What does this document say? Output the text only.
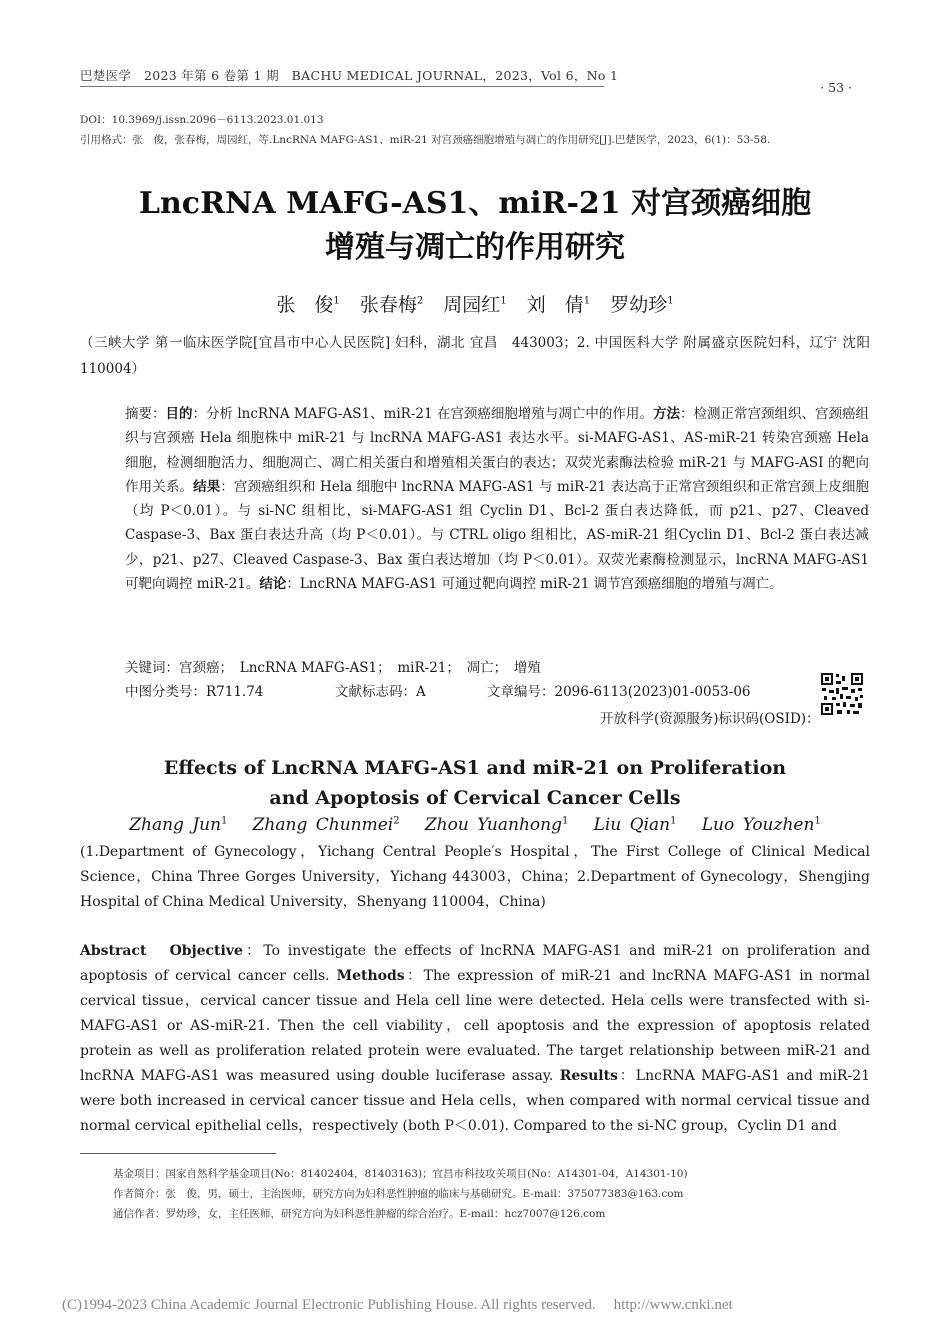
巴楚医学　2023 年第 6 卷第 1 期　BACHU MEDICAL JOURNAL，2023，Vol 6，No 1
· 53 ·
DOI：10.3969/j.issn.2096－6113.2023.01.013
引用格式：张　俊，张春梅，周园红，等.LncRNA MAFG-AS1、miR-21 对宫颈癌细胞增殖与凋亡的作用研究[J].巴楚医学，2023，6(1)：53-58.
LncRNA MAFG-AS1、miR-21 对宫颈癌细胞
增殖与凋亡的作用研究
张　俊$^1$ 张春梅$^2$ 周园红$^1$ 刘　倩$^1$ 罗幼珍$^1$
（三峡大学 第一临床医学院[宜昌市中心人民医院] 妇科，湖北 宜昌　443003；2. 中国医科大学 附属盛京医院妇科，辽宁 沈阳　110004）
摘要：目的：分析 lncRNA MAFG-AS1、miR-21 在宫颈癌细胞增殖与凋亡中的作用。方法：检测正常宫颈组织、宫颈癌组织与宫颈癌 Hela 细胞株中 miR-21 与 lncRNA MAFG-AS1 表达水平。si-MAFG-AS1、AS-miR-21 转染宫颈癌 Hela 细胞，检测细胞活力、细胞凋亡、凋亡相关蛋白和增殖相关蛋白的表达；双荧光素酶法检验 miR-21 与 MAFG-ASI 的靶向作用关系。结果：宫颈癌组织和 Hela 细胞中 lncRNA MAFG-AS1 与 miR-21 表达高于正常宫颈组织和正常宫颈上皮细胞（均 P＜0.01）。与 si-NC 组相比，si-MAFG-AS1 组 Cyclin D1、Bcl-2 蛋白表达降低，而 p21、p27、Cleaved Caspase-3、Bax 蛋白表达升高（均 P＜0.01）。与 CTRL oligo 组相比，AS-miR-21 组Cyclin D1、Bcl-2 蛋白表达减少，p21、p27、Cleaved Caspase-3、Bax 蛋白表达增加（均 P＜0.01）。双荧光素酶检测显示，lncRNA MAFG-AS1 可靶向调控 miR-21。结论：LncRNA MAFG-AS1 可通过靶向调控 miR-21 调节宫颈癌细胞的增殖与凋亡。
关键词：宫颈癌；　LncRNA MAFG-AS1；　miR-21；　凋亡；　增殖
中图分类号：R711.74	文献标志码：A	文章编号：2096-6113(2023)01-0053-06
开放科学(资源服务)标识码(OSID)：
Effects of LncRNA MAFG-AS1 and miR-21 on Proliferation
and Apoptosis of Cervical Cancer Cells
Zhang Jun$^1$ Zhang Chunmei$^2$ Zhou Yuanhong$^1$ Liu Qian$^1$ Luo Youzhen$^1$
(1.Department of Gynecology，Yichang Central People′s Hospital，The First College of Clinical Medical Science，China Three Gorges University，Yichang 443003，China；2.Department of Gynecology，Shengjing Hospital of China Medical University，Shenyang 110004，China)
Abstract Objective：To investigate the effects of lncRNA MAFG-AS1 and miR-21 on proliferation and apoptosis of cervical cancer cells. Methods：The expression of miR-21 and lncRNA MAFG-AS1 in normal cervical tissue，cervical cancer tissue and Hela cell line were detected. Hela cells were transfected with si-MAFG-AS1 or AS-miR-21. Then the cell viability，cell apoptosis and the expression of apoptosis related protein as well as proliferation related protein were evaluated. The target relationship between miR-21 and lncRNA MAFG-AS1 was measured using double luciferase assay. Results：LncRNA MAFG-AS1 and miR-21 were both increased in cervical cancer tissue and Hela cells，when compared with normal cervical tissue and normal cervical epithelial cells，respectively (both P＜0.01). Compared to the si-NC group，Cyclin D1 and
基金项目：国家自然科学基金项目(No：81402404，81403163)；宜昌市科技攻关项目(No：A14301-04，A14301-10)
作者简介：张　俊，男，硕士，主治医师，研究方向为妇科恶性肿瘤的临床与基础研究。E-mail：375077383@163.com
通信作者：罗幼珍，女，主任医师，研究方向为妇科恶性肿瘤的综合治疗。E-mail：hcz7007@126.com
(C)1994-2023 China Academic Journal Electronic Publishing House. All rights reserved. http://www.cnki.net
